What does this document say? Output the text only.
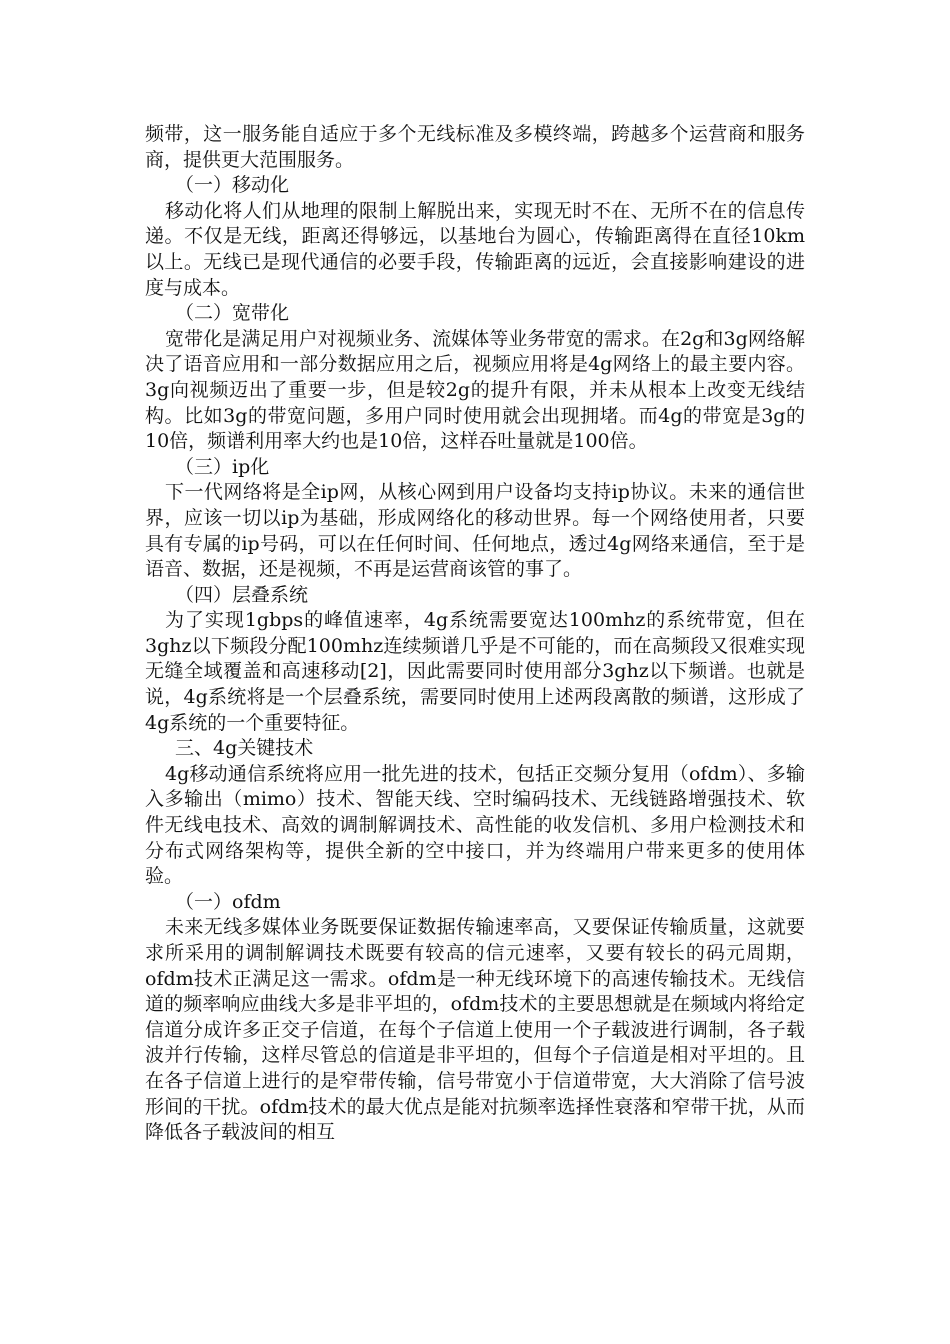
频带，这一服务能自适应于多个无线标准及多模终端，跨越多个运营商和服务商，提供更大范围服务。

（一）移动化

移动化将人们从地理的限制上解脱出来，实现无时不在、无所不在的信息传递。不仅是无线，距离还得够远，以基地台为圆心，传输距离得在直径10km以上。无线已是现代通信的必要手段，传输距离的远近，会直接影响建设的进度与成本。

（二）宽带化

宽带化是满足用户对视频业务、流媒体等业务带宽的需求。在2g和3g网络解决了语音应用和一部分数据应用之后，视频应用将是4g网络上的最主要内容。3g向视频迈出了重要一步，但是较2g的提升有限，并未从根本上改变无线结构。比如3g的带宽问题，多用户同时使用就会出现拥堵。而4g的带宽是3g的10倍，频谱利用率大约也是10倍，这样吞吐量就是100倍。

（三）ip化

下一代网络将是全ip网，从核心网到用户设备均支持ip协议。未来的通信世界，应该一切以ip为基础，形成网络化的移动世界。每一个网络使用者，只要具有专属的ip号码，可以在任何时间、任何地点，透过4g网络来通信，至于是语音、数据，还是视频，不再是运营商该管的事了。

（四）层叠系统

为了实现1gbps的峰值速率，4g系统需要宽达100mhz的系统带宽，但在3ghz以下频段分配100mhz连续频谱几乎是不可能的，而在高频段又很难实现无缝全域覆盖和高速移动[2]，因此需要同时使用部分3ghz以下频谱。也就是说，4g系统将是一个层叠系统，需要同时使用上述两段离散的频谱，这形成了4g系统的一个重要特征。

三、4g关键技术

4g移动通信系统将应用一批先进的技术，包括正交频分复用（ofdm）、多输入多输出（mimo）技术、智能天线、空时编码技术、无线链路增强技术、软件无线电技术、高效的调制解调技术、高性能的收发信机、多用户检测技术和分布式网络架构等，提供全新的空中接口，并为终端用户带来更多的使用体验。

（一）ofdm

未来无线多媒体业务既要保证数据传输速率高，又要保证传输质量，这就要求所采用的调制解调技术既要有较高的信元速率，又要有较长的码元周期，ofdm技术正满足这一需求。ofdm是一种无线环境下的高速传输技术。无线信道的频率响应曲线大多是非平坦的，ofdm技术的主要思想就是在频域内将给定信道分成许多正交子信道，在每个子信道上使用一个子载波进行调制，各子载波并行传输，这样尽管总的信道是非平坦的，但每个子信道是相对平坦的。且在各子信道上进行的是窄带传输，信号带宽小于信道带宽，大大消除了信号波形间的干扰。ofdm技术的最大优点是能对抗频率选择性衰落和窄带干扰，从而降低各子载波间的相互
